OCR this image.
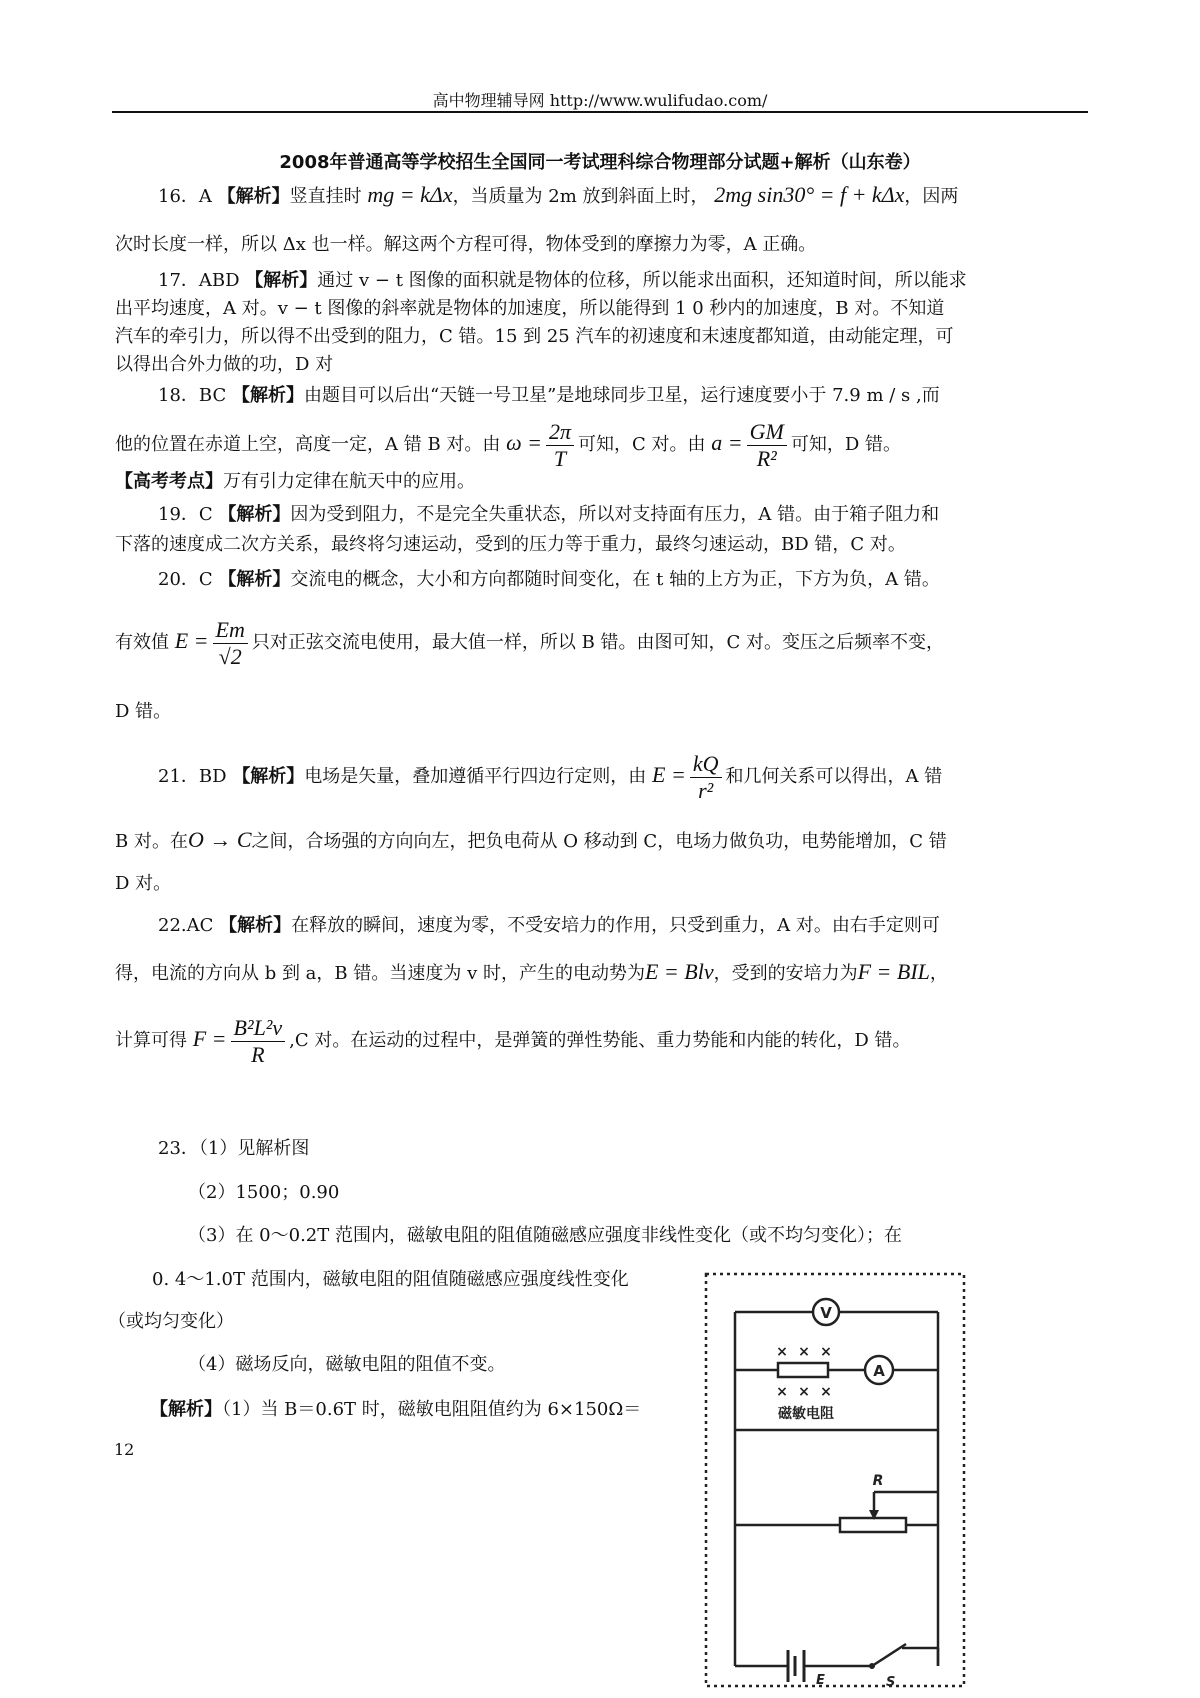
高中物理辅导网 http://www.wulifudao.com/
2008年普通高等学校招生全国同一考试理科综合物理部分试题+解析（山东卷）
16．A 【解析】竖直挂时 mg = kΔx，当质量为 2m 放到斜面上时， 2mg sin30° = f + kΔx，因两
次时长度一样，所以 Δx 也一样。解这两个方程可得，物体受到的摩擦力为零，A 正确。
17．ABD 【解析】通过 v − t 图像的面积就是物体的位移，所以能求出面积，还知道时间，所以能求
出平均速度，A 对。v − t 图像的斜率就是物体的加速度，所以能得到 1 0 秒内的加速度，B 对。不知道
汽车的牵引力，所以得不出受到的阻力，C 错。15 到 25 汽车的初速度和末速度都知道，由动能定理，可
以得出合外力做的功，D 对
18．BC 【解析】由题目可以后出“天链一号卫星”是地球同步卫星，运行速度要小于 7.9 m / s ,而
他的位置在赤道上空，高度一定，A 错 B 对。由 $\omega = \frac{2\pi}{T}$ 可知，C 对。由 $a = \frac{GM}{\text{R²}}$ 可知，D 错。
【高考考点】万有引力定律在航天中的应用。
19．C 【解析】因为受到阻力，不是完全失重状态，所以对支持面有压力，A 错。由于箱子阻力和
下落的速度成二次方关系，最终将匀速运动，受到的压力等于重力，最终匀速运动，BD 错，C 对。
20．C 【解析】交流电的概念，大小和方向都随时间变化，在 t 轴的上方为正，下方为负，A 错。
有效值 $E = \frac{Em}{√2}$ 只对正弦交流电使用，最大值一样，所以 B 错。由图可知，C 对。变压之后频率不变，
D 错。
21．BD 【解析】电场是矢量，叠加遵循平行四边行定则，由 $E = \frac{kQ}{\text{r²}}$ 和几何关系可以得出，A 错
B 对。在O → C之间，合场强的方向向左，把负电荷从 O 移动到 C，电场力做负功，电势能增加，C 错
D 对。
22.AC 【解析】在释放的瞬间，速度为零，不受安培力的作用，只受到重力，A 对。由右手定则可
得，电流的方向从 b 到 a，B 错。当速度为 v 时，产生的电动势为E = Blv，受到的安培力为F = BIL，
计算可得 $F = \frac{\text{B²L²v}}{R} ,C$ 对。在运动的过程中，是弹簧的弹性势能、重力势能和内能的转化，D 错。
23．（1）见解析图
（2）1500；0.90
（3）在 0～0.2T 范围内，磁敏电阻的阻值随磁感应强度非线性变化（或不均匀变化）；在
0. 4～1.0T 范围内，磁敏电阻的阻值随磁感应强度线性变化
（或均匀变化）
（4）磁场反向，磁敏电阻的阻值不变。
【解析】（1）当 B＝0.6T 时，磁敏电阻阻值约为 6×150Ω＝
12
V
A
× × ×
× × ×
磁敏电阻
R
E	S
